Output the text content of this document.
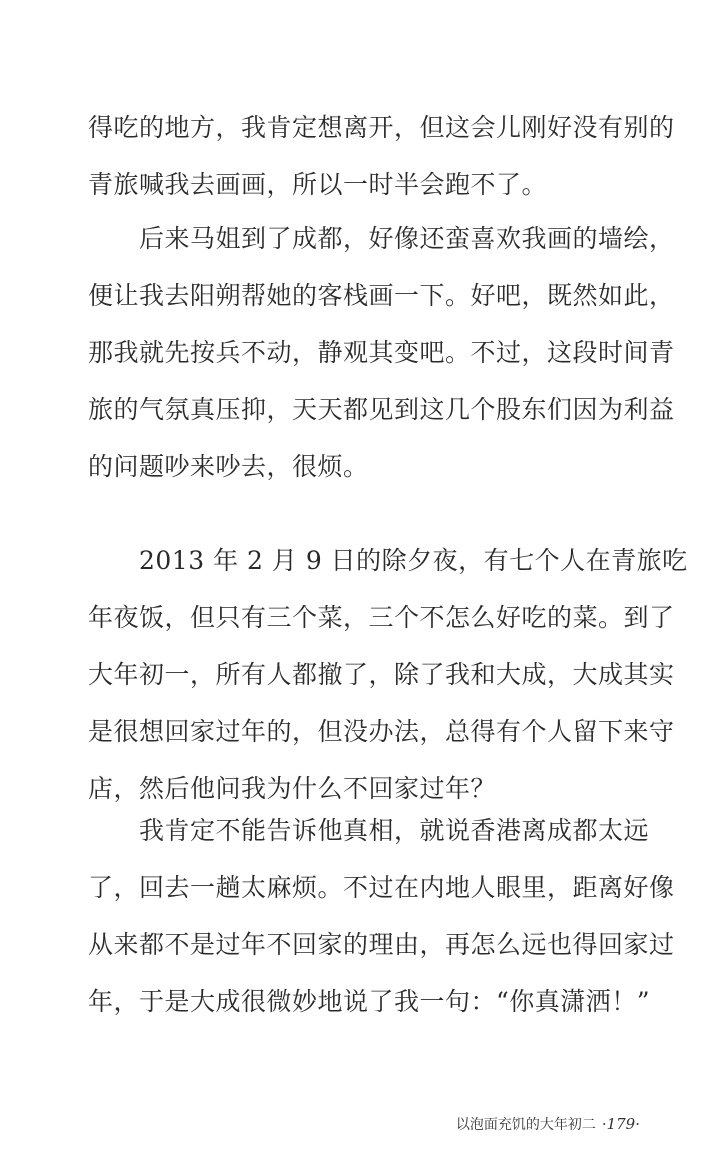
得吃的地方，我肯定想离开，但这会儿刚好没有别的
青旅喊我去画画，所以一时半会跑不了。
　　后来马姐到了成都，好像还蛮喜欢我画的墙绘，
便让我去阳朔帮她的客栈画一下。好吧，既然如此，
那我就先按兵不动，静观其变吧。不过，这段时间青
旅的气氛真压抑，天天都见到这几个股东们因为利益
的问题吵来吵去，很烦。
　　2013 年 2 月 9 日的除夕夜，有七个人在青旅吃
年夜饭，但只有三个菜，三个不怎么好吃的菜。到了
大年初一，所有人都撤了，除了我和大成，大成其实
是很想回家过年的，但没办法，总得有个人留下来守
店，然后他问我为什么不回家过年？
　　我肯定不能告诉他真相，就说香港离成都太远
了，回去一趟太麻烦。不过在内地人眼里，距离好像
从来都不是过年不回家的理由，再怎么远也得回家过
年，于是大成很微妙地说了我一句：“你真潇洒！”
以泡面充饥的大年初二 ·179·
